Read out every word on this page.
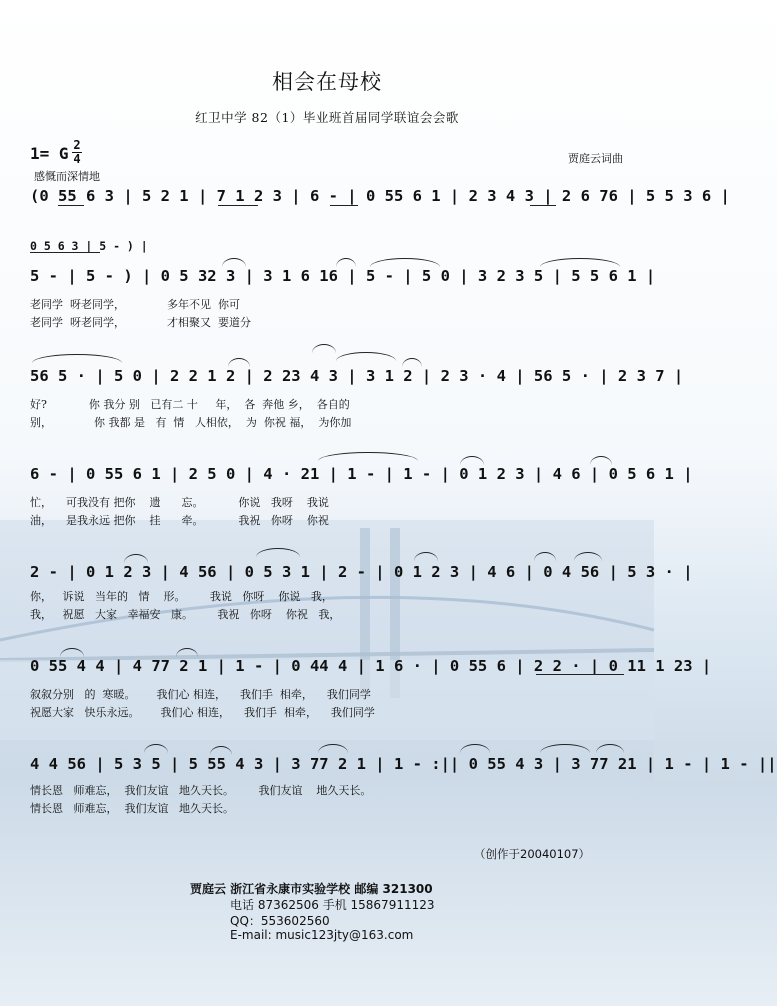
相会在母校
红卫中学 82（1）毕业班首届同学联谊会会歌
1= G 2
4	贾庭云词曲
感慨而深情地
(0 55 6 3 | 5 2 1 | 7 1 2 3 | 6 - | 0 55 6 1 | 2 3 4 3 | 2 6 76 | 5 5 3 6 |
0 5 6 3 | 5 - ) |
5 - | 5 - ) | 0 5 32 3 | 3 1 6 16 | 5 - | 5 0 | 3 2 3 5 | 5 5 6 1 |
老同学  呀老同学，            多年不见  你可
老同学  呀老同学，            才相聚又  要道分
56 5 · | 5 0 | 2 2 1 2 | 2 23 4 3 | 3 1 2 | 2 3 · 4 | 56 5 · | 2 3 7 |
好?            你 我分 别   已有二 十     年，  各  奔他 乡，  各自的
别，            你 我都 是   有  情   人相依，  为  你祝 福，  为你加
6 - | 0 55 6 1 | 2 5 0 | 4 · 21 | 1 - | 1 - | 0 1 2 3 | 4 6 | 0 5 6 1 |
忙，    可我没有 把你    遗      忘。          你说   我呀    我说
油，    是我永远 把你    挂      牵。          我祝   你呀    你祝
2 - | 0 1 2 3 | 4 56 | 0 5 3 1 | 2 - | 0 1 2 3 | 4 6 | 0 4 56 | 5 3 · |
你，   诉说   当年的   情    形。       我说   你呀    你说   我，
我，   祝愿   大家   幸福安   康。       我祝   你呀    你祝   我，
0 55 4 4 | 4 77 2 1 | 1 - | 0 44 4 | 1 6 · | 0 55 6 | 2 2 · | 0 11 1 23 |
叙叙分别   的  寒暖。      我们心 相连，    我们手  相牵，    我们同学
祝愿大家   快乐永远。      我们心 相连，    我们手  相牵，    我们同学
4 4 56 | 5 3 5 | 5 55 4 3 | 3 77 2 1 | 1 - :|| 0 55 4 3 | 3 77 21 | 1 - | 1 - ||
情长恩   师难忘，  我们友谊   地久天长。       我们友谊    地久天长。
情长恩   师难忘，  我们友谊   地久天长。
（创作于20040107）
贾庭云 浙江省永康市实验学校 邮编 321300
电话 87362506 手机 15867911123
QQ：553602560
E-mail: music123jty@163.com
